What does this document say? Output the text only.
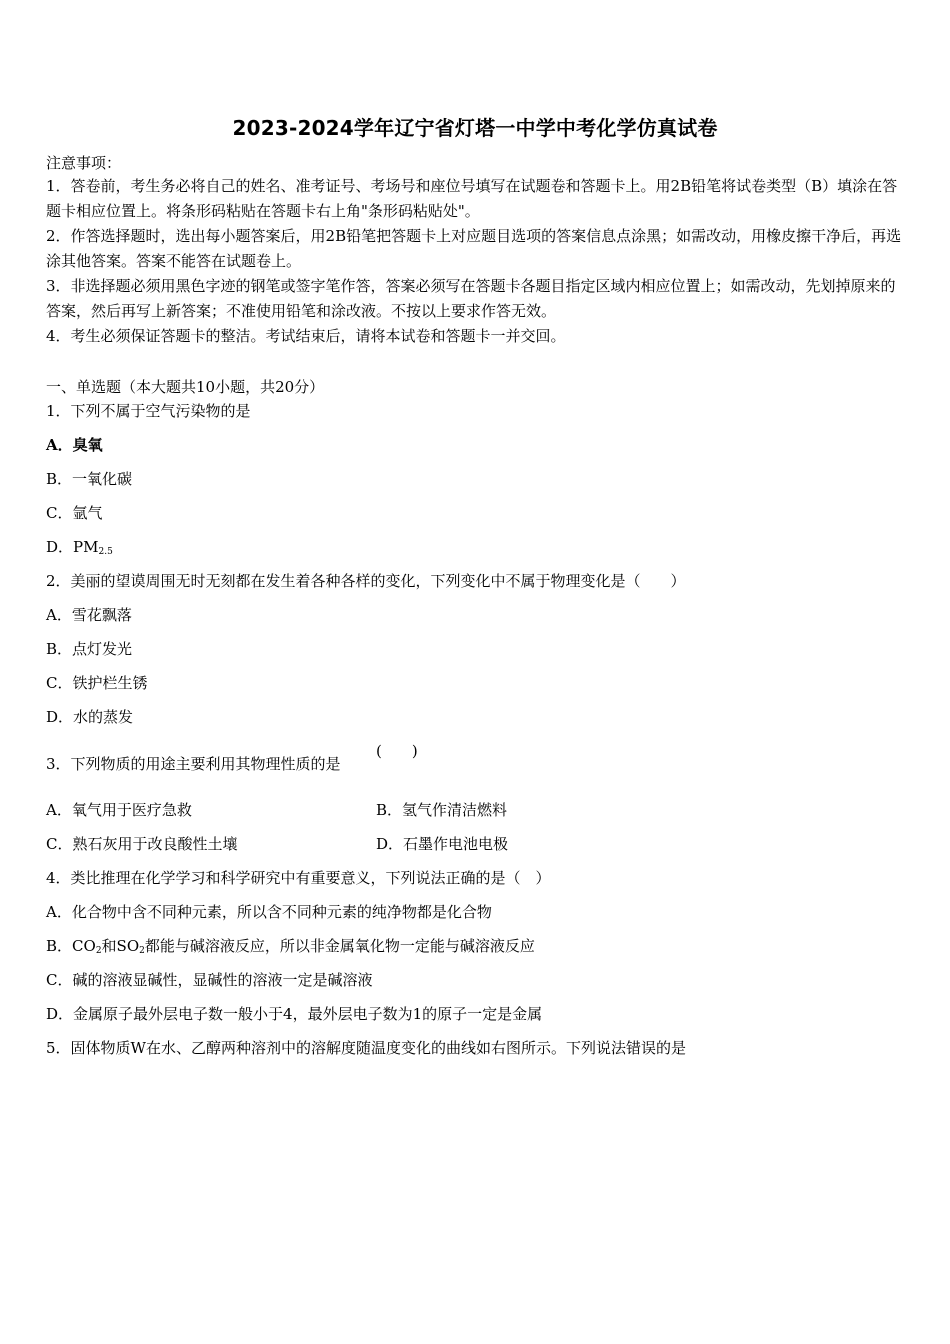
2023-2024学年辽宁省灯塔一中学中考化学仿真试卷
注意事项：
1．答卷前，考生务必将自己的姓名、准考证号、考场号和座位号填写在试题卷和答题卡上。用2B铅笔将试卷类型（B）填涂在答题卡相应位置上。将条形码粘贴在答题卡右上角"条形码粘贴处"。
2．作答选择题时，选出每小题答案后，用2B铅笔把答题卡上对应题目选项的答案信息点涂黑；如需改动，用橡皮擦干净后，再选涂其他答案。答案不能答在试题卷上。
3．非选择题必须用黑色字迹的钢笔或签字笔作答，答案必须写在答题卡各题目指定区域内相应位置上；如需改动，先划掉原来的答案，然后再写上新答案；不准使用铅笔和涂改液。不按以上要求作答无效。
4．考生必须保证答题卡的整洁。考试结束后，请将本试卷和答题卡一并交回。
一、单选题（本大题共10小题，共20分）
1．下列不属于空气污染物的是
A．臭氧
B．一氧化碳
C．氩气
D．$PM_{2.5}$
2．美丽的望谟周围无时无刻都在发生着各种各样的变化，下列变化中不属于物理变化是（　　）
A．雪花飘落
B．点灯发光
C．铁护栏生锈
D．水的蒸发
(　　)
3．下列物质的用途主要利用其物理性质的是
A．氧气用于医疗急救	B．氢气作清洁燃料
C．熟石灰用于改良酸性土壤	D．石墨作电池电极
4．类比推理在化学学习和科学研究中有重要意义，下列说法正确的是（　）
A．化合物中含不同种元素，所以含不同种元素的纯净物都是化合物
B．$CO_2$和$SO_2$都能与碱溶液反应，所以非金属氧化物一定能与碱溶液反应
C．碱的溶液显碱性，显碱性的溶液一定是碱溶液
D．金属原子最外层电子数一般小于4，最外层电子数为1的原子一定是金属
5．固体物质W在水、乙醇两种溶剂中的溶解度随温度变化的曲线如右图所示。下列说法错误的是
